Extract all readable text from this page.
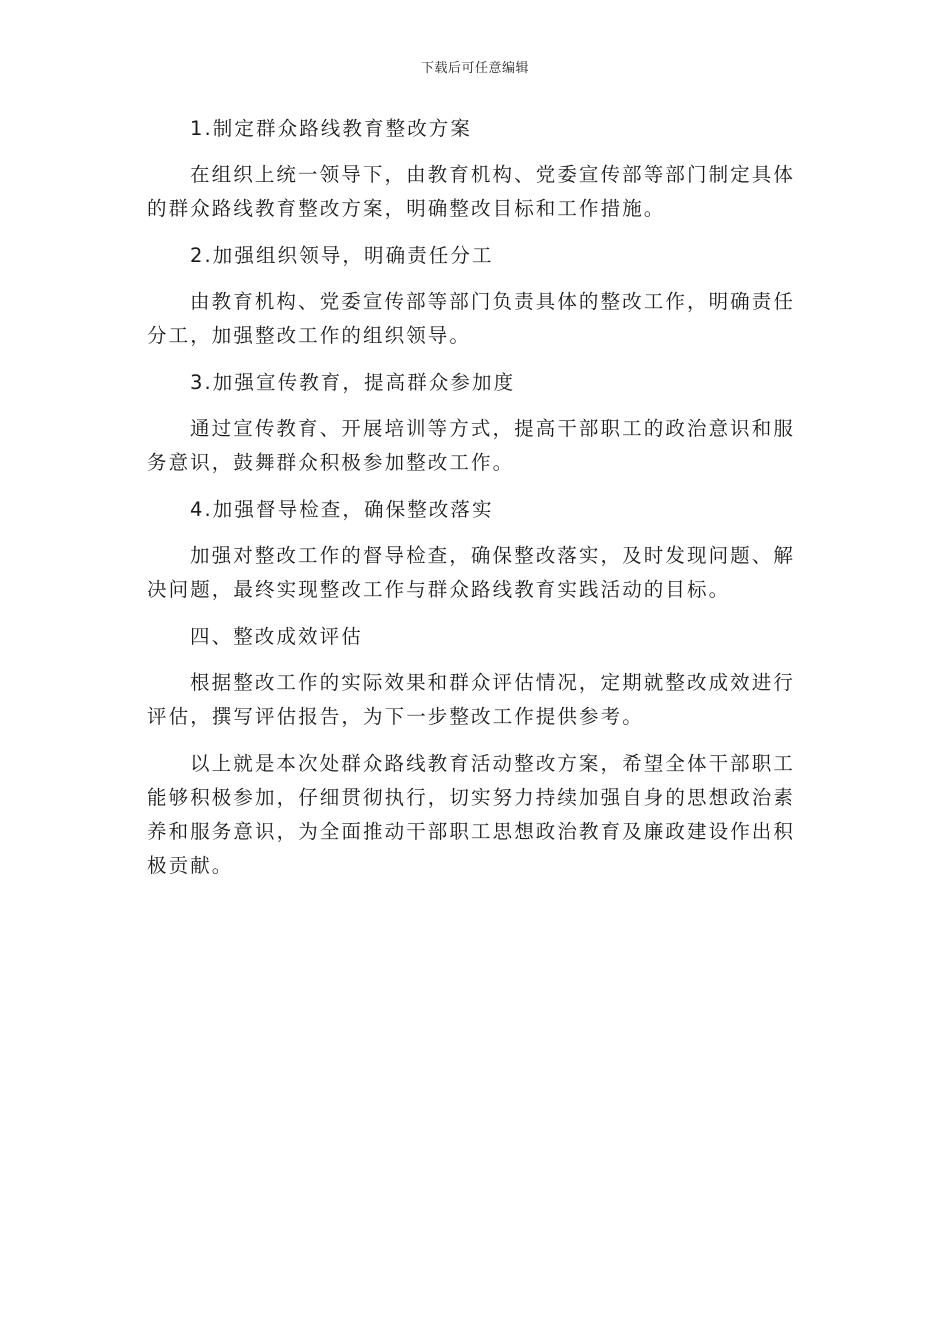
下载后可任意编辑

1.制定群众路线教育整改方案

在组织上统一领导下，由教育机构、党委宣传部等部门制定具体的群众路线教育整改方案，明确整改目标和工作措施。

2.加强组织领导，明确责任分工

由教育机构、党委宣传部等部门负责具体的整改工作，明确责任分工，加强整改工作的组织领导。

3.加强宣传教育，提高群众参加度

通过宣传教育、开展培训等方式，提高干部职工的政治意识和服务意识，鼓舞群众积极参加整改工作。

4.加强督导检查，确保整改落实

加强对整改工作的督导检查，确保整改落实，及时发现问题、解决问题，最终实现整改工作与群众路线教育实践活动的目标。

四、整改成效评估

根据整改工作的实际效果和群众评估情况，定期就整改成效进行评估，撰写评估报告，为下一步整改工作提供参考。

以上就是本次处群众路线教育活动整改方案，希望全体干部职工能够积极参加，仔细贯彻执行，切实努力持续加强自身的思想政治素养和服务意识，为全面推动干部职工思想政治教育及廉政建设作出积极贡献。
